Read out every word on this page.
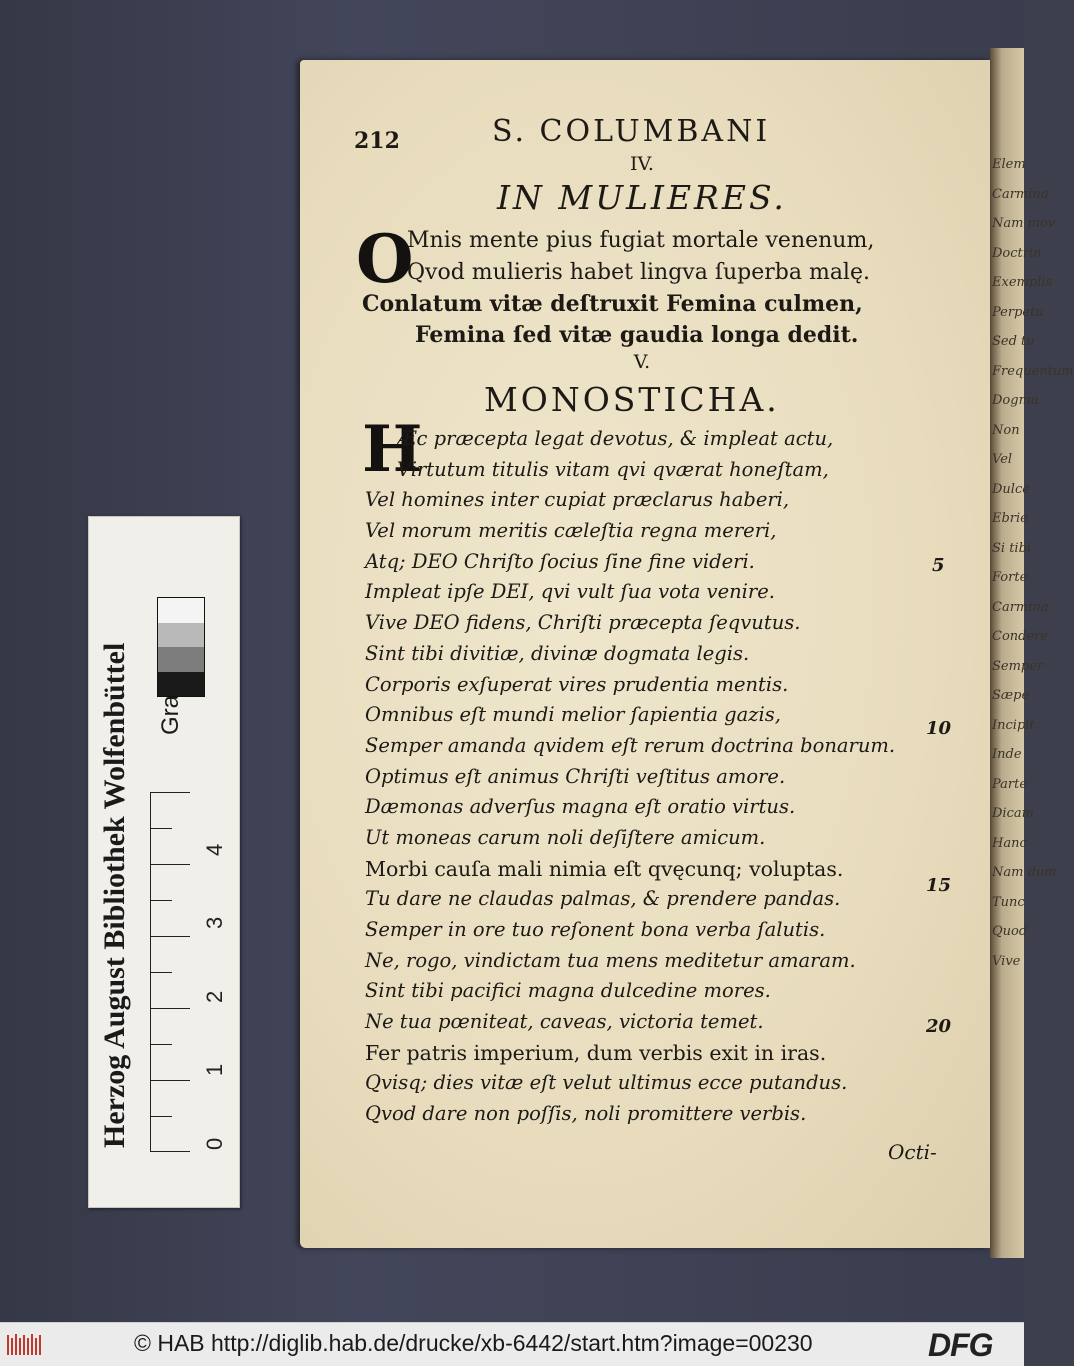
Herzog August Bibliothek Wolfenbüttel	0
1
2
3
4
Elem
Carmina
Nam mov
Doctrin
Exemplis
Perpetu
Sed tu
Frequentum
Dogma
Non
Vel
Dulce
Ebrie
Si tibi
Forte
Carmina
Condere
Semper
Sæpe
Incipit
Inde
Parte
Dicam
Hanc
Nam dum
Tunc
Quod
Vive
212	S. COLUMBANI
IV.
IN MULIERES.
O
Mnis mente pius fugiat mortale venenum,
Qvod mulieris habet lingva ſuperba malę.
Conlatum vitæ deſtruxit Femina culmen,
Femina ſed vitæ gaudia longa dedit.
V.
MONOSTICHA.
H
Æc præcepta legat devotus, & impleat actu,
Virtutum titulis vitam qvi qværat honeſtam,
Vel homines inter cupiat præclarus haberi,
Vel morum meritis cæleſtia regna mereri,
Atq; DEO Chriſto ſocius ſine fine videri.
Impleat ipſe DEI, qvi vult ſua vota venire.
Vive DEO fidens, Chriſti præcepta ſeqvutus.
Sint tibi divitiæ, divinæ dogmata legis.
Corporis exſuperat vires prudentia mentis.
Omnibus eſt mundi melior ſapientia gazis,
Semper amanda qvidem eſt rerum doctrina bonarum.
Optimus eſt animus Chriſti veſtitus amore.
Dæmonas adverſus magna eſt oratio virtus.
Ut moneas carum noli deſiſtere amicum.
Morbi cauſa mali nimia eſt qvęcunq; voluptas.
Tu dare ne claudas palmas, & prendere pandas.
Semper in ore tuo reſonent bona verba ſalutis.
Ne, rogo, vindictam tua mens meditetur amaram.
Sint tibi pacifici magna dulcedine mores.
Ne tua pœniteat, caveas, victoria temet.
Fer patris imperium, dum verbis exit in iras.
Qvisq; dies vitæ eſt velut ultimus ecce putandus.
Qvod dare non poſſis, noli promittere verbis.
5
10
15
20
Octi-
© HAB http://diglib.hab.de/drucke/xb-6442/start.htm?image=00230	DFG
